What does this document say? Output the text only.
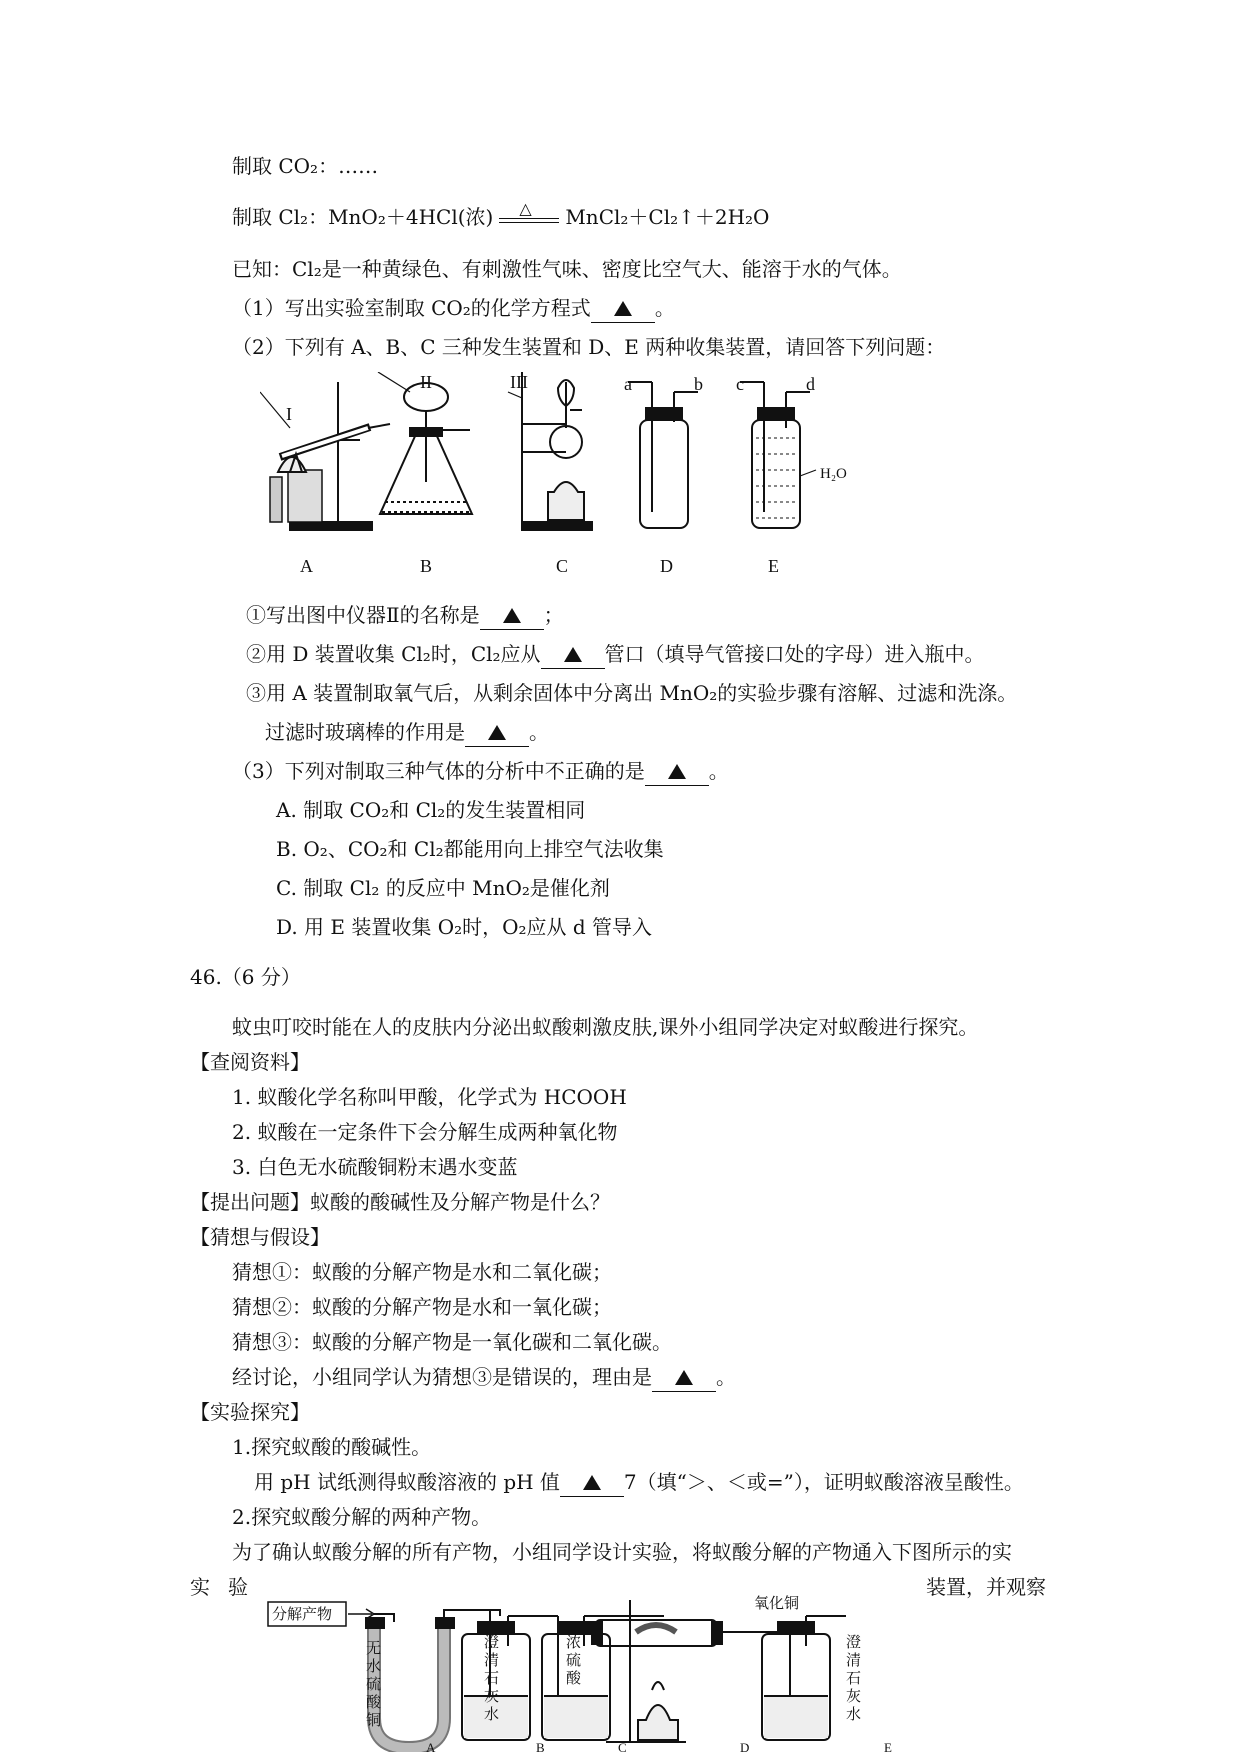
制取 CO₂：……
制取 Cl₂：MnO₂＋4HCl(浓) △ MnCl₂＋Cl₂↑＋2H₂O
已知：Cl₂是一种黄绿色、有刺激性气味、密度比空气大、能溶于水的气体。
（1）写出实验室制取 CO₂的化学方程式	。
（2）下列有 A、B、C 三种发生装置和 D、E 两种收集装置，请回答下列问题：
I
II	III	a	b c	d
H₂O
A	B	C	D	E
①写出图中仪器Ⅱ的名称是	；
②用 D 装置收集 Cl₂时，Cl₂应从	管口（填导气管接口处的字母）进入瓶中。
③用 A 装置制取氧气后，从剩余固体中分离出 MnO₂的实验步骤有溶解、过滤和洗涤。
过滤时玻璃棒的作用是	。
（3）下列对制取三种气体的分析中不正确的是	。
A. 制取 CO₂和 Cl₂的发生装置相同
B. O₂、CO₂和 Cl₂都能用向上排空气法收集
C. 制取 Cl₂ 的反应中 MnO₂是催化剂
D. 用 E 装置收集 O₂时，O₂应从 d 管导入
46.（6 分）
蚊虫叮咬时能在人的皮肤内分泌出蚁酸刺激皮肤,课外小组同学决定对蚁酸进行探究。
【查阅资料】
1. 蚁酸化学名称叫甲酸，化学式为 HCOOH
2. 蚁酸在一定条件下会分解生成两种氧化物
3. 白色无水硫酸铜粉末遇水变蓝
【提出问题】蚁酸的酸碱性及分解产物是什么？
【猜想与假设】
猜想①：蚁酸的分解产物是水和二氧化碳；
猜想②：蚁酸的分解产物是水和一氧化碳；
猜想③：蚁酸的分解产物是一氧化碳和二氧化碳。
经讨论，小组同学认为猜想③是错误的，理由是	。
【实验探究】
1.探究蚁酸的酸碱性。
用 pH 试纸测得蚁酸溶液的 pH 值	7（填“＞、＜或=”），证明蚁酸溶液呈酸性。
2.探究蚁酸分解的两种产物。
为了确认蚁酸分解的所有产物，小组同学设计实验，将蚁酸分解的产物通入下图所示的实
实 验	装置，并观察
分解产物
氧化铜
无水硫酸铜
澄清石灰水
浓硫酸
澄清石灰水
A	B	C	D	E
